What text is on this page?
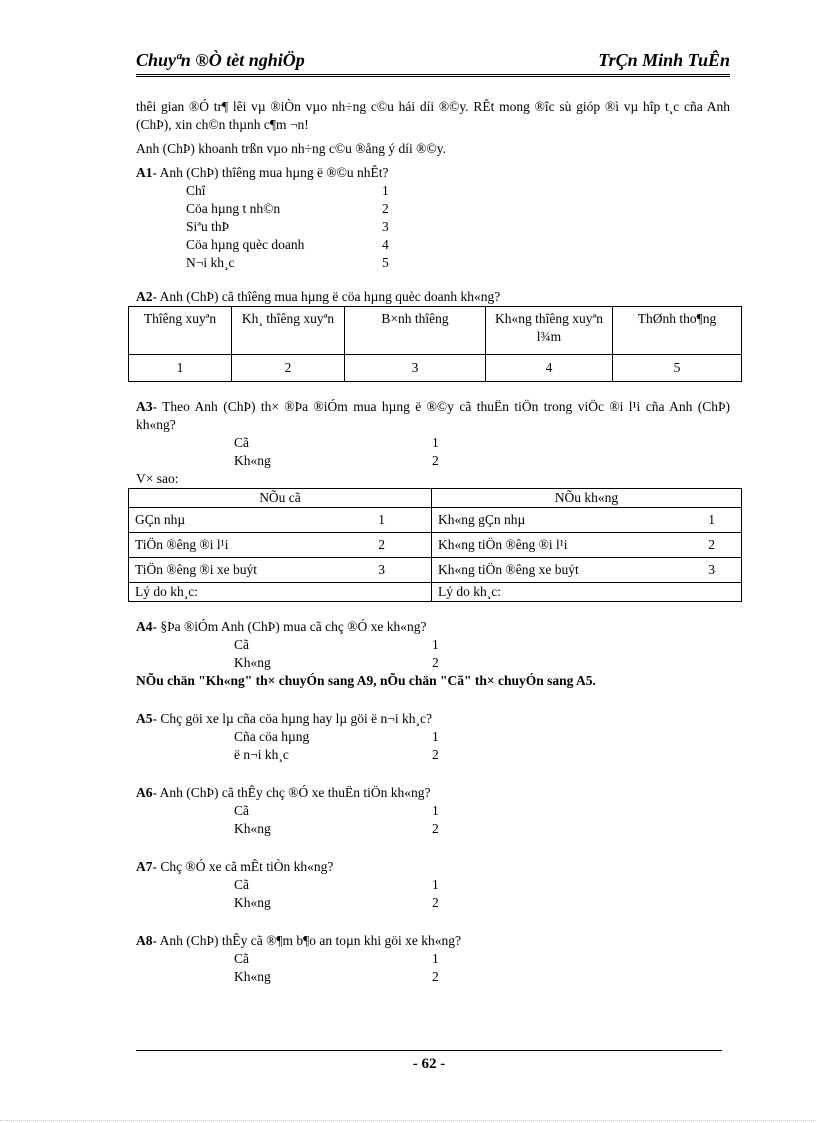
Chuyªn ®Ò tèt nghiÖp	TrÇn Minh TuÊn

thêi gian ®Ó tr¶ lêi vµ ®iÒn vµo nh÷ng c©u hái díi ®©y. RÊt mong ®îc sù gióp ®ì vµ hîp t¸c cña Anh (ChÞ), xin ch©n thµnh c¶m ¬n!

Anh (ChÞ) khoanh trßn vµo nh÷ng c©u ®ång ý díi ®©y.

A1- Anh (ChÞ) thîêng mua hµng ë ®©u nhÊt?

Chî	1
Cöa hµng t nh©n	2
Siªu thÞ	3
Cöa hµng quèc doanh	4
N¬i kh¸c	5

A2- Anh (ChÞ) cã thîêng mua hµng ë cöa hµng quèc doanh kh«ng?

Thîêng xuyªn	Kh¸ thîêng xuyªn	B×nh thîêng	Kh«ng thîêng xuyªn l¾m	ThØnh tho¶ng
1	2	3	4	5

A3- Theo Anh (ChÞ) th× ®Þa ®iÓm mua hµng ë ®©y cã thuËn tiÖn trong viÖc ®i l¹i cña Anh (ChÞ) kh«ng?

Cã	1
Kh«ng	2

V× sao:

NÕu cã	NÕu kh«ng
GÇn nhµ 1	Kh«ng gÇn nhµ 1

TiÖn ®êng ®i l¹i 2	Kh«ng tiÖn ®êng ®i l¹i 2

TiÖn ®êng ®i xe buýt 3	Kh«ng tiÖn ®êng xe buýt 3

Lý do kh¸c:	Lý do kh¸c:

A4- §Þa ®iÓm Anh (ChÞ) mua cã chç ®Ó xe kh«ng?

Cã	1
Kh«ng	2

NÕu chän "Kh«ng" th× chuyÓn sang A9, nÕu chän "Cã" th× chuyÓn sang A5.

A5- Chç göi xe lµ cña cöa hµng hay lµ göi ë n¬i kh¸c?

Cña cöa hµng	1
ë n¬i kh¸c	2

A6- Anh (ChÞ) cã thÊy chç ®Ó xe thuËn tiÖn kh«ng?

Cã	1
Kh«ng	2

A7- Chç ®Ó xe cã mÊt tiÒn kh«ng?

Cã	1
Kh«ng	2

A8- Anh (ChÞ) thÊy cã ®¶m b¶o an toµn khi göi xe kh«ng?

Cã	1
Kh«ng	2
- 62 -
